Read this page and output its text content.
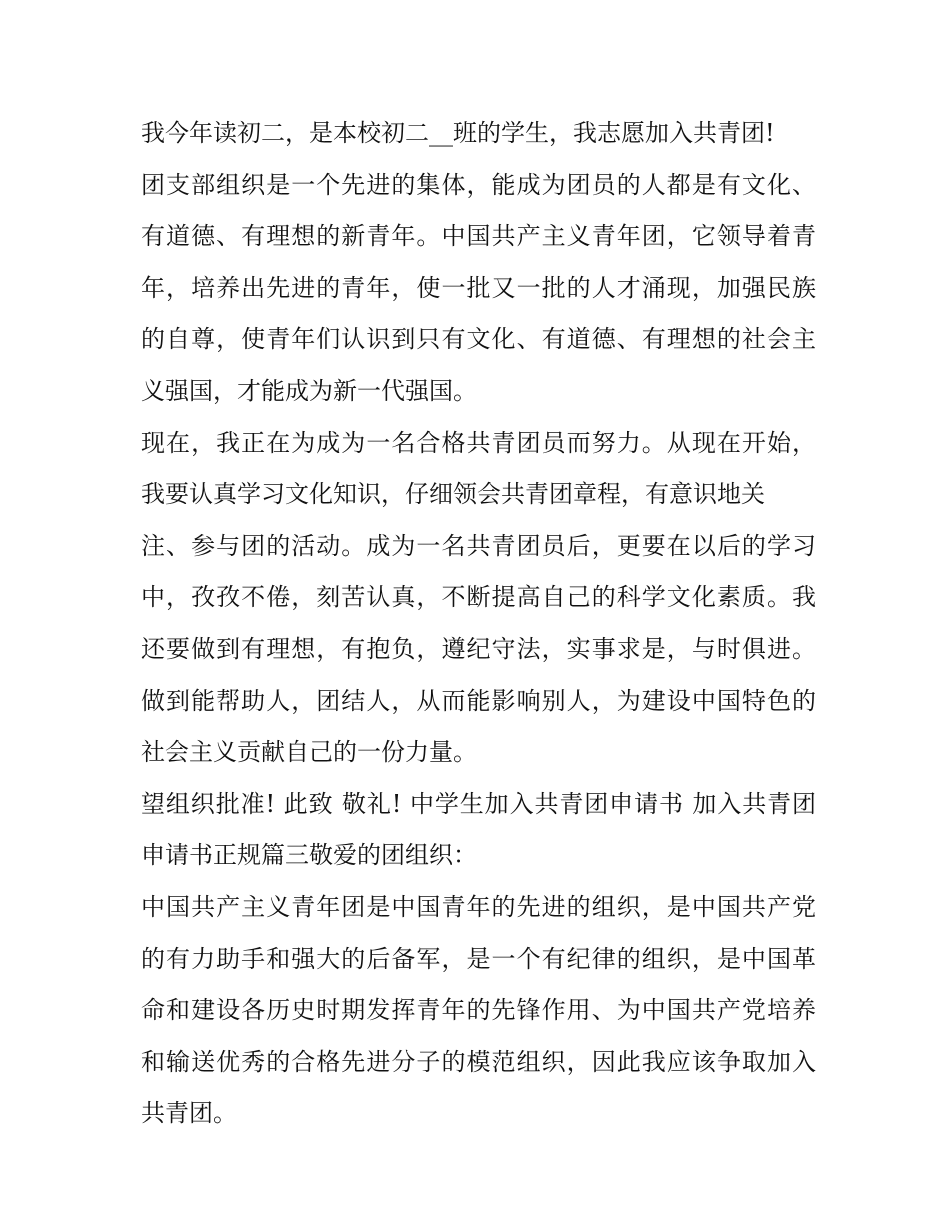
我今年读初二，是本校初二__班的学生，我志愿加入共青团!
团支部组织是一个先进的集体，能成为团员的人都是有文化、
有道德、有理想的新青年。中国共产主义青年团，它领导着青
年，培养出先进的青年，使一批又一批的人才涌现，加强民族
的自尊，使青年们认识到只有文化、有道德、有理想的社会主
义强国，才能成为新一代强国。
现在，我正在为成为一名合格共青团员而努力。从现在开始，
我要认真学习文化知识，仔细领会共青团章程，有意识地关
注、参与团的活动。成为一名共青团员后，更要在以后的学习
中，孜孜不倦，刻苦认真，不断提高自己的科学文化素质。我
还要做到有理想，有抱负，遵纪守法，实事求是，与时俱进。
做到能帮助人，团结人，从而能影响别人，为建设中国特色的
社会主义贡献自己的一份力量。
望组织批准! 此致 敬礼! 中学生加入共青团申请书 加入共青团
申请书正规篇三敬爱的团组织：
中国共产主义青年团是中国青年的先进的组织，是中国共产党
的有力助手和强大的后备军，是一个有纪律的组织，是中国革
命和建设各历史时期发挥青年的先锋作用、为中国共产党培养
和输送优秀的合格先进分子的模范组织，因此我应该争取加入
共青团。
